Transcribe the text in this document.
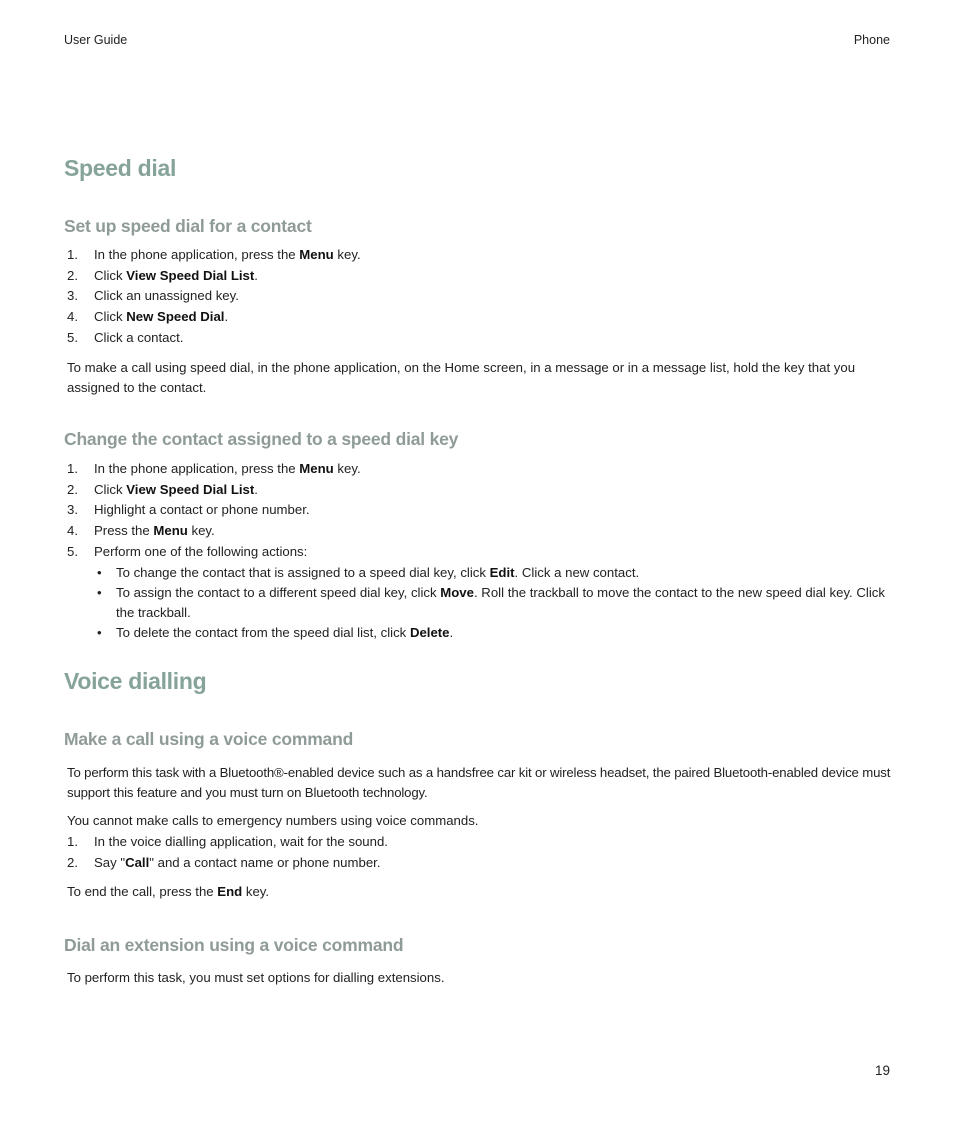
User Guide	Phone
Speed dial
Set up speed dial for a contact
1. In the phone application, press the Menu key.
2. Click View Speed Dial List.
3. Click an unassigned key.
4. Click New Speed Dial.
5. Click a contact.

To make a call using speed dial, in the phone application, on the Home screen, in a message or in a message list, hold the key that you assigned to the contact.

Change the contact assigned to a speed dial key
1. In the phone application, press the Menu key.
2. Click View Speed Dial List.
3. Highlight a contact or phone number.
4. Press the Menu key.
5. Perform one of the following actions:
• To change the contact that is assigned to a speed dial key, click Edit. Click a new contact.
• To assign the contact to a different speed dial key, click Move. Roll the trackball to move the contact to the new speed dial key. Click the trackball.
• To delete the contact from the speed dial list, click Delete.
Voice dialling
Make a call using a voice command

To perform this task with a Bluetooth®-enabled device such as a handsfree car kit or wireless headset, the paired Bluetooth-enabled device must support this feature and you must turn on Bluetooth technology.

You cannot make calls to emergency numbers using voice commands.

1. In the voice dialling application, wait for the sound.
2. Say "Call" and a contact name or phone number.

To end the call, press the End key.

Dial an extension using a voice command

To perform this task, you must set options for dialling extensions.

19
